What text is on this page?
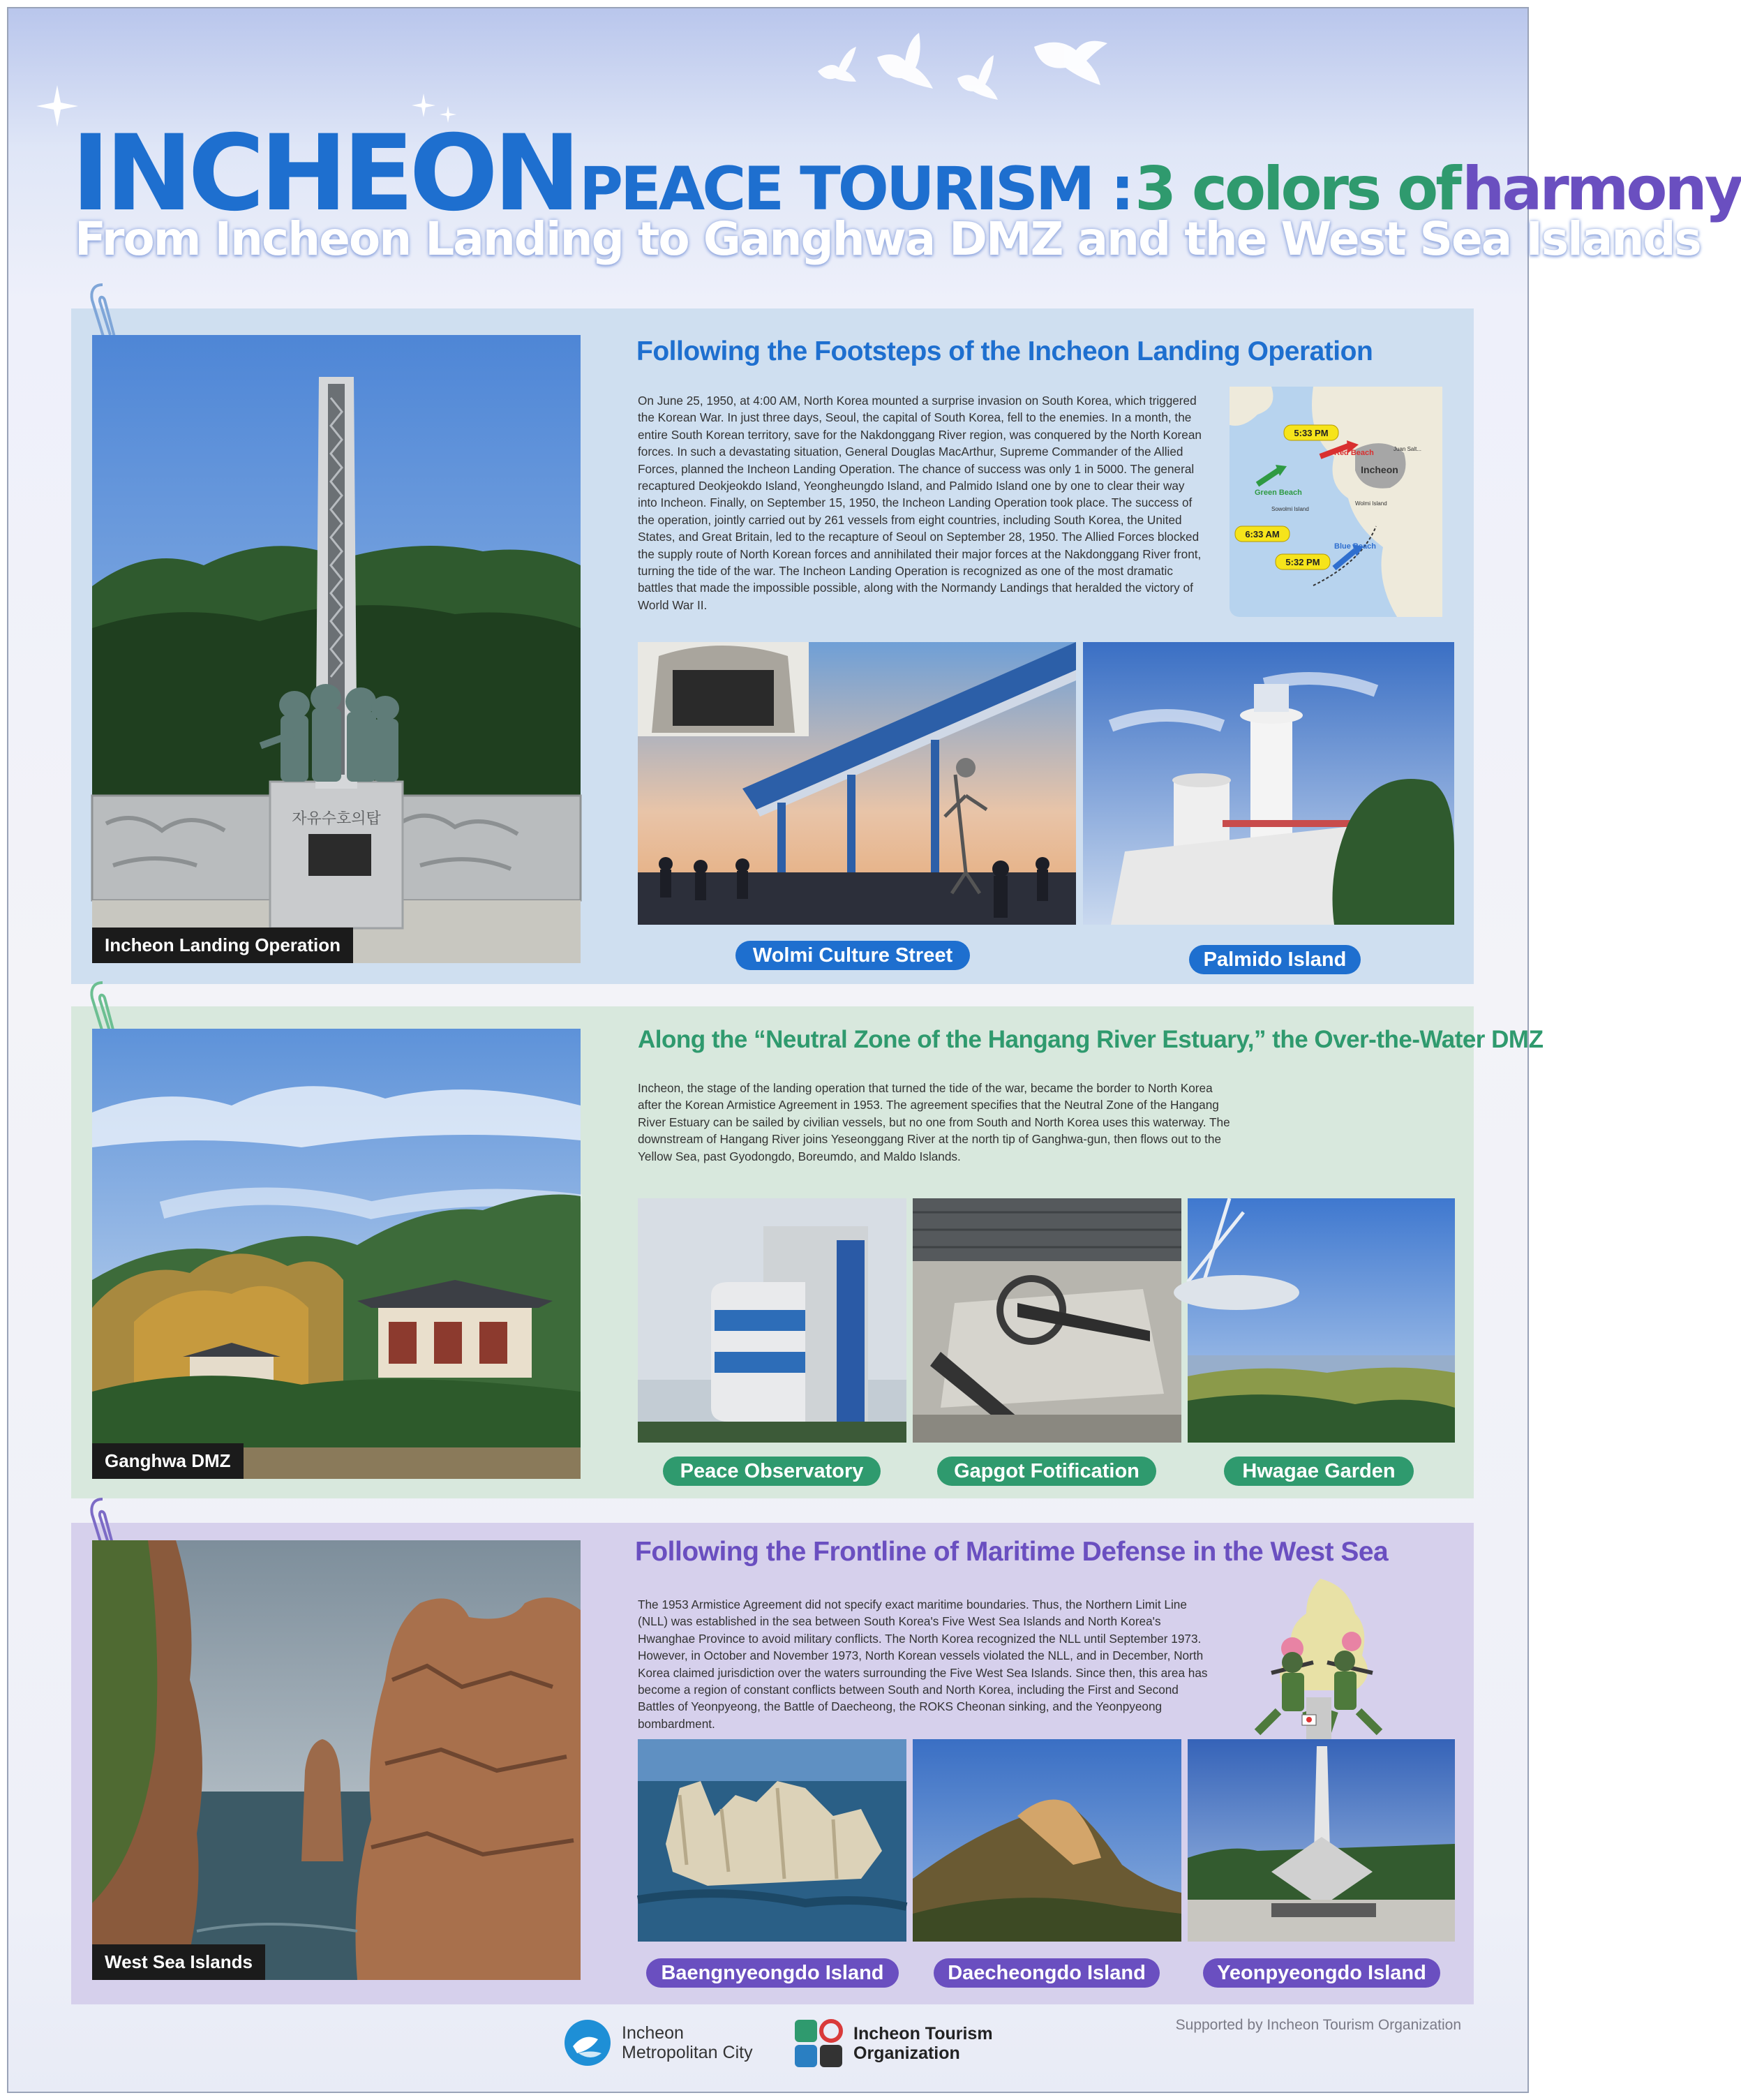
INCHEON PEACE TOURISM : 3 colors of harmony
From Incheon Landing to Ganghwa DMZ and the West Sea Islands
자유수호의탑
Incheon Landing Operation
Following the Footsteps of the Incheon Landing Operation
On June 25, 1950, at 4:00 AM, North Korea mounted a surprise invasion on South Korea, which triggered the Korean War. In just three days, Seoul, the capital of South Korea, fell to the enemies. In a month, the entire South Korean territory, save for the Nakdonggang River region, was conquered by the North Korean forces. In such a devastating situation, General Douglas MacArthur, Supreme Commander of the Allied Forces, planned the Incheon Landing Operation. The chance of success was only 1 in 5000. The general recaptured Deokjeokdo Island, Yeongheungdo Island, and Palmido Island one by one to clear their way into Incheon. Finally, on September 15, 1950, the Incheon Landing Operation took place. The success of the operation, jointly carried out by 261 vessels from eight countries, including South Korea, the United States, and Great Britain, led to the recapture of Seoul on September 28, 1950. The Allied Forces blocked the supply route of North Korean forces and annihilated their major forces at the Nakdonggang River front, turning the tide of the war. The Incheon Landing Operation is recognized as one of the most dramatic battles that made the impossible possible, along with the Normandy Landings that heralded the victory of World War II.
Incheon
Wolmi Island
Sowolmi Island
Juan Salt...
5:33 PM
6:33 AM
5:32 PM
Red Beach
Green Beach
Blue Beach
Wolmi Culture Street	Palmido Island
Ganghwa DMZ
Along the “Neutral Zone of the Hangang River Estuary,” the Over-the-Water DMZ
Incheon, the stage of the landing operation that turned the tide of the war, became the border to North Korea after the Korean Armistice Agreement in 1953. The agreement specifies that the Neutral Zone of the Hangang River Estuary can be sailed by civilian vessels, but no one from South and North Korea uses this waterway. The downstream of Hangang River joins Yeseonggang River at the north tip of Ganghwa-gun, then flows out to the Yellow Sea, past Gyodongdo, Boreumdo, and Maldo Islands.
Peace Observatory	Gapgot Fotification	Hwagae Garden
West Sea Islands
Following the Frontline of Maritime Defense in the West Sea
The 1953 Armistice Agreement did not specify exact maritime boundaries. Thus, the Northern Limit Line (NLL) was established in the sea between South Korea's Five West Sea Islands and North Korea's Hwanghae Province to avoid military conflicts. The North Korea recognized the NLL until September 1973. However, in October and November 1973, North Korean vessels violated the NLL, and in December, North Korea claimed jurisdiction over the waters surrounding the Five West Sea Islands. Since then, this area has become a region of constant conflicts between South and North Korea, including the First and Second Battles of Yeonpyeong, the Battle of Daecheong, the ROKS Cheonan sinking, and the Yeonpyeong bombardment.
Baengnyeongdo Island	Daecheongdo Island	Yeonpyeongdo Island
Supported by Incheon Tourism Organization
Incheon
Metropolitan City
Incheon Tourism
Organization
